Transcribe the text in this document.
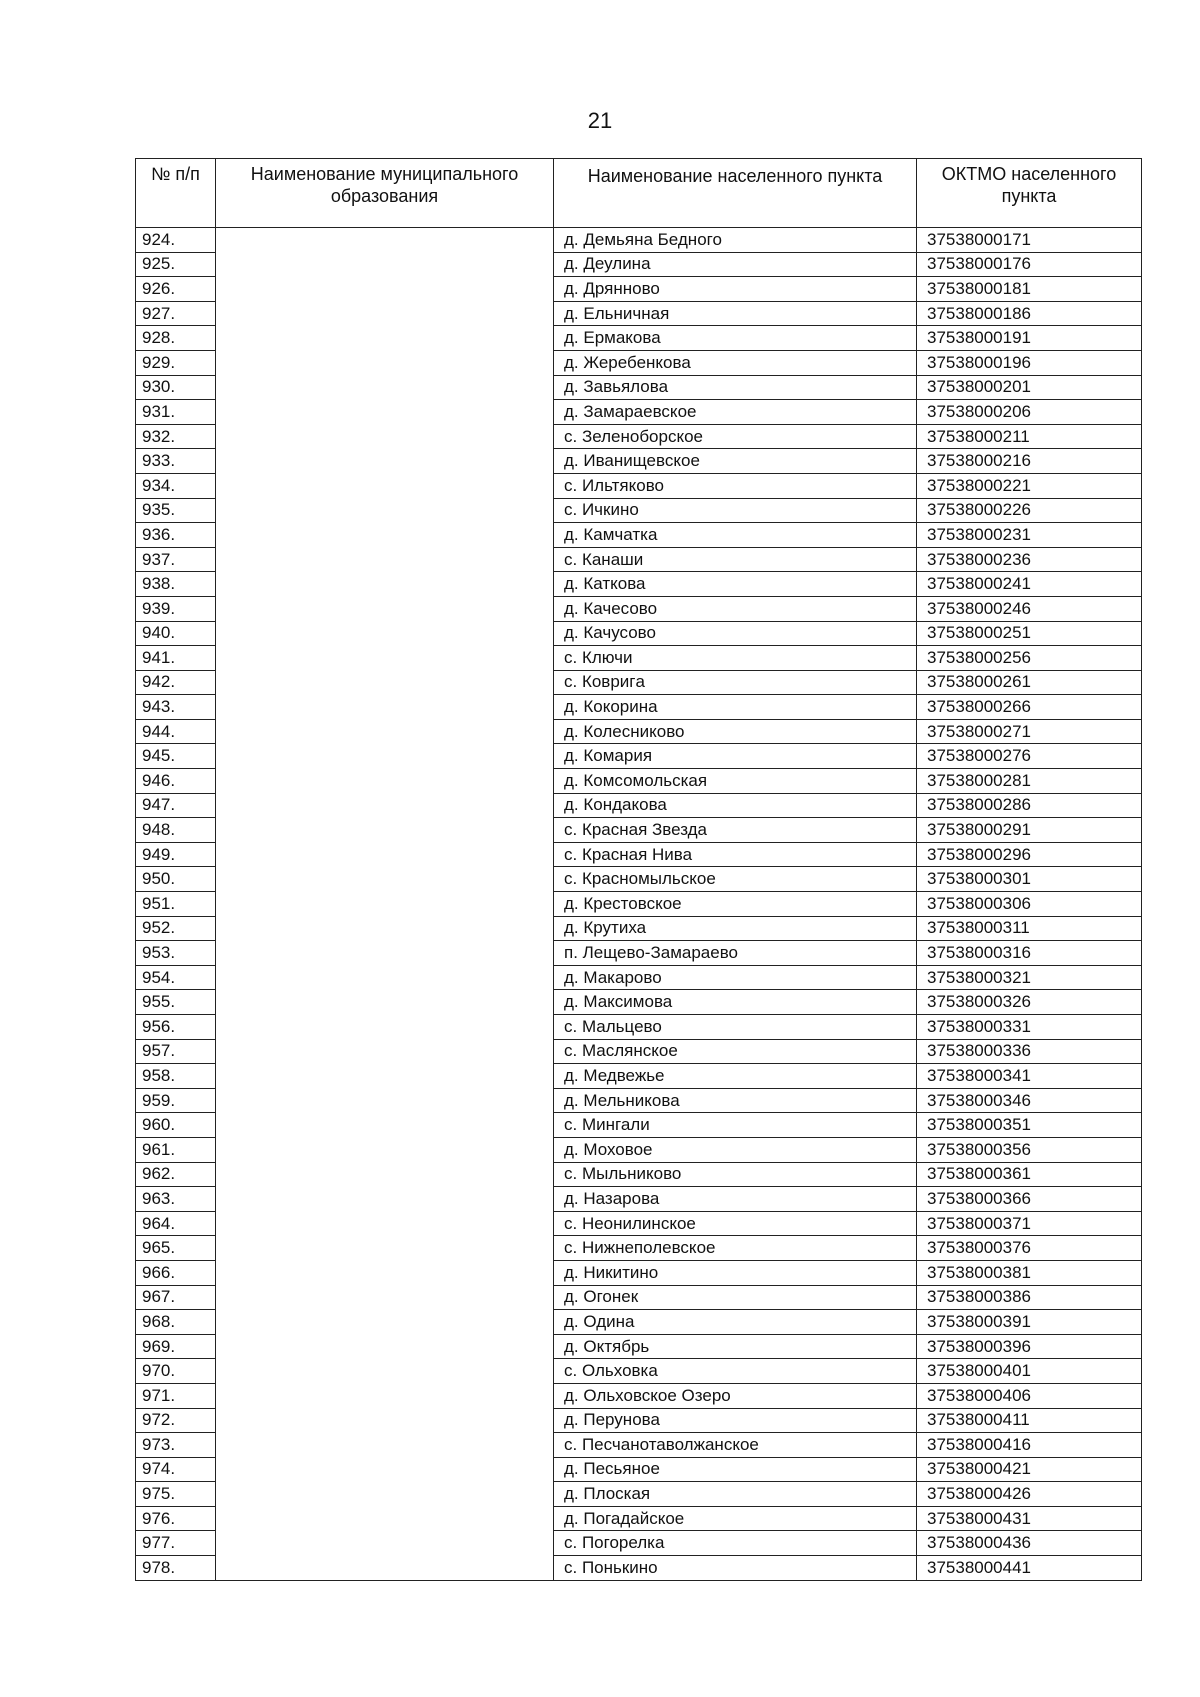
21
№ п/п	Наименование муниципального образования	Наименование населенного пункта	ОКТМО населенного пункта
924.		д. Демьяна Бедного	37538000171
925.		д. Деулина	37538000176
926.		д. Дрянново	37538000181
927.		д. Ельничная	37538000186
928.		д. Ермакова	37538000191
929.		д. Жеребенкова	37538000196
930.		д. Завьялова	37538000201
931.		д. Замараевское	37538000206
932.		с. Зеленоборское	37538000211
933.		д. Иванищевское	37538000216
934.		с. Ильтяково	37538000221
935.		с. Ичкино	37538000226
936.		д. Камчатка	37538000231
937.		с. Канаши	37538000236
938.		д. Каткова	37538000241
939.		д. Качесово	37538000246
940.		д. Качусово	37538000251
941.		с. Ключи	37538000256
942.		с. Ковригa	37538000261
943.		д. Кокорина	37538000266
944.		д. Колесниково	37538000271
945.		д. Комария	37538000276
946.		д. Комсомольская	37538000281
947.		д. Кондакова	37538000286
948.		с. Красная Звезда	37538000291
949.		с. Красная Нива	37538000296
950.		с. Красномыльское	37538000301
951.		д. Крестовское	37538000306
952.		д. Крутиха	37538000311
953.		п. Лещево-Замараево	37538000316
954.		д. Макарово	37538000321
955.		д. Максимова	37538000326
956.		с. Мальцево	37538000331
957.		с. Маслянское	37538000336
958.		д. Медвежье	37538000341
959.		д. Мельникова	37538000346
960.		с. Мингали	37538000351
961.		д. Моховое	37538000356
962.		с. Мыльниково	37538000361
963.		д. Назарова	37538000366
964.		с. Неонилинское	37538000371
965.		с. Нижнеполевское	37538000376
966.		д. Никитино	37538000381
967.		д. Огонек	37538000386
968.		д. Одина	37538000391
969.		д. Октябрь	37538000396
970.		с. Ольховка	37538000401
971.		д. Ольховское Озеро	37538000406
972.		д. Перунова	37538000411
973.		с. Песчанотаволжанское	37538000416
974.		д. Песьяное	37538000421
975.		д. Плоская	37538000426
976.		д. Погадайское	37538000431
977.		с. Погорелка	37538000436
978.		с. Понькино	37538000441
